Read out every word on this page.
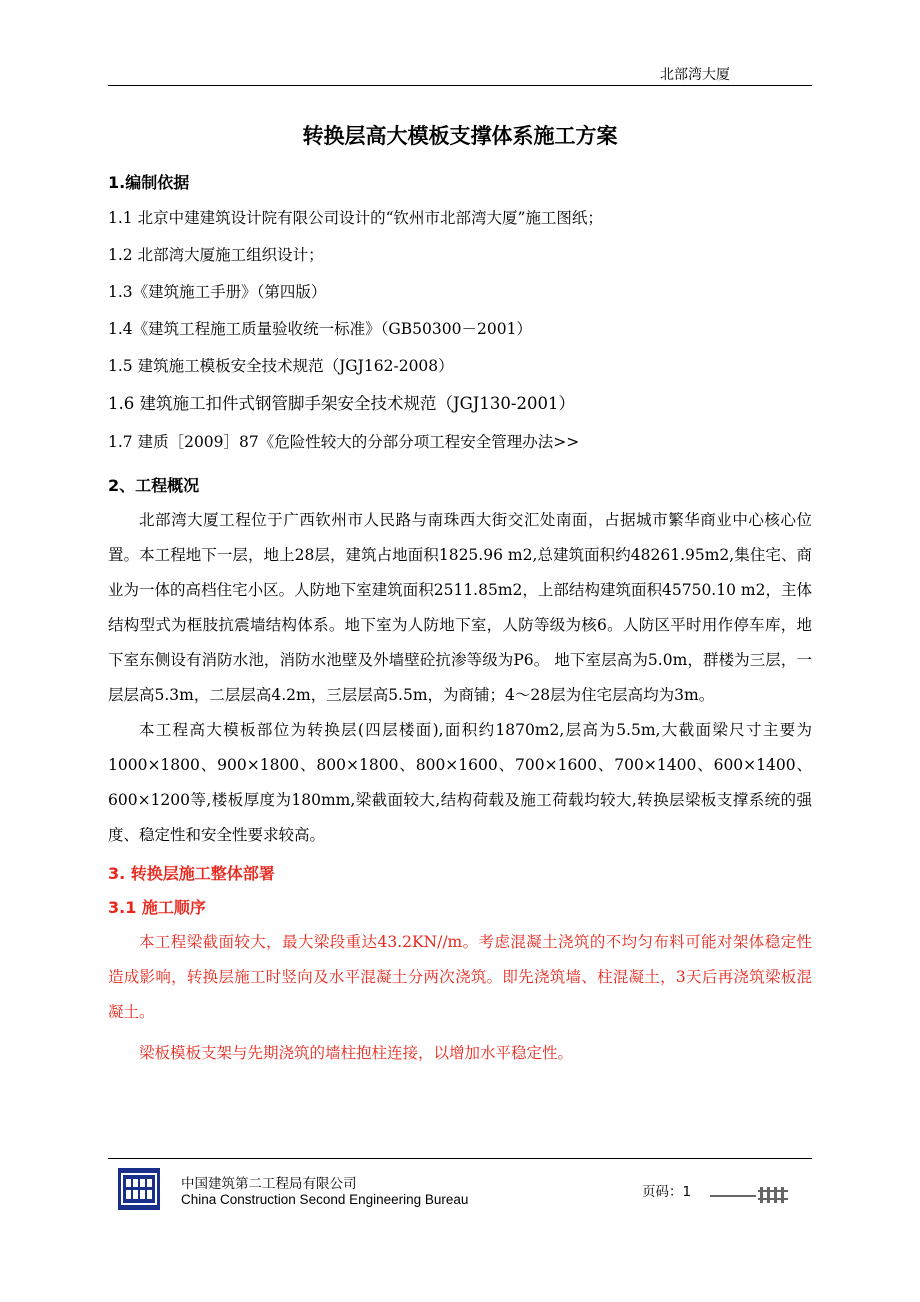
北部湾大厦
转换层高大模板支撑体系施工方案

1.编制依据

1.1 北京中建建筑设计院有限公司设计的“钦州市北部湾大厦”施工图纸；

1.2 北部湾大厦施工组织设计；

1.3《建筑施工手册》（第四版）

1.4《建筑工程施工质量验收统一标准》（GB50300－2001）

1.5 建筑施工模板安全技术规范（JGJ162-2008）

1.6 建筑施工扣件式钢管脚手架安全技术规范（JGJ130-2001）

1.7 建质［2009］87《危险性较大的分部分项工程安全管理办法>>

2、工程概况

北部湾大厦工程位于广西钦州市人民路与南珠西大街交汇处南面，占据城市繁华商业中心核心位置。本工程地下一层，地上28层，建筑占地面积1825.96 m2,总建筑面积约48261.95m2,集住宅、商业为一体的高档住宅小区。人防地下室建筑面积2511.85m2，上部结构建筑面积45750.10 m2，主体结构型式为框肢抗震墙结构体系。地下室为人防地下室，人防等级为核6。人防区平时用作停车库，地下室东侧设有消防水池，消防水池壁及外墙壁砼抗渗等级为P6。 地下室层高为5.0m，群楼为三层，一层层高5.3m，二层层高4.2m，三层层高5.5m，为商铺；4～28层为住宅层高均为3m。

本工程高大模板部位为转换层(四层楼面),面积约1870m2,层高为5.5m,大截面梁尺寸主要为1000×1800、900×1800、800×1800、800×1600、700×1600、700×1400、600×1400、600×1200等,楼板厚度为180mm,梁截面较大,结构荷载及施工荷载均较大,转换层梁板支撑系统的强度、稳定性和安全性要求较高。

3. 转换层施工整体部署

3.1 施工顺序

本工程梁截面较大，最大梁段重达43.2KN//m。考虑混凝土浇筑的不均匀布料可能对架体稳定性造成影响，转换层施工时竖向及水平混凝土分两次浇筑。即先浇筑墙、柱混凝土，3天后再浇筑梁板混凝土。

梁板模板支架与先期浇筑的墙柱抱柱连接，以增加水平稳定性。

中国建筑第二工程局有限公司
China Construction Second Engineering Bureau	页码：1
